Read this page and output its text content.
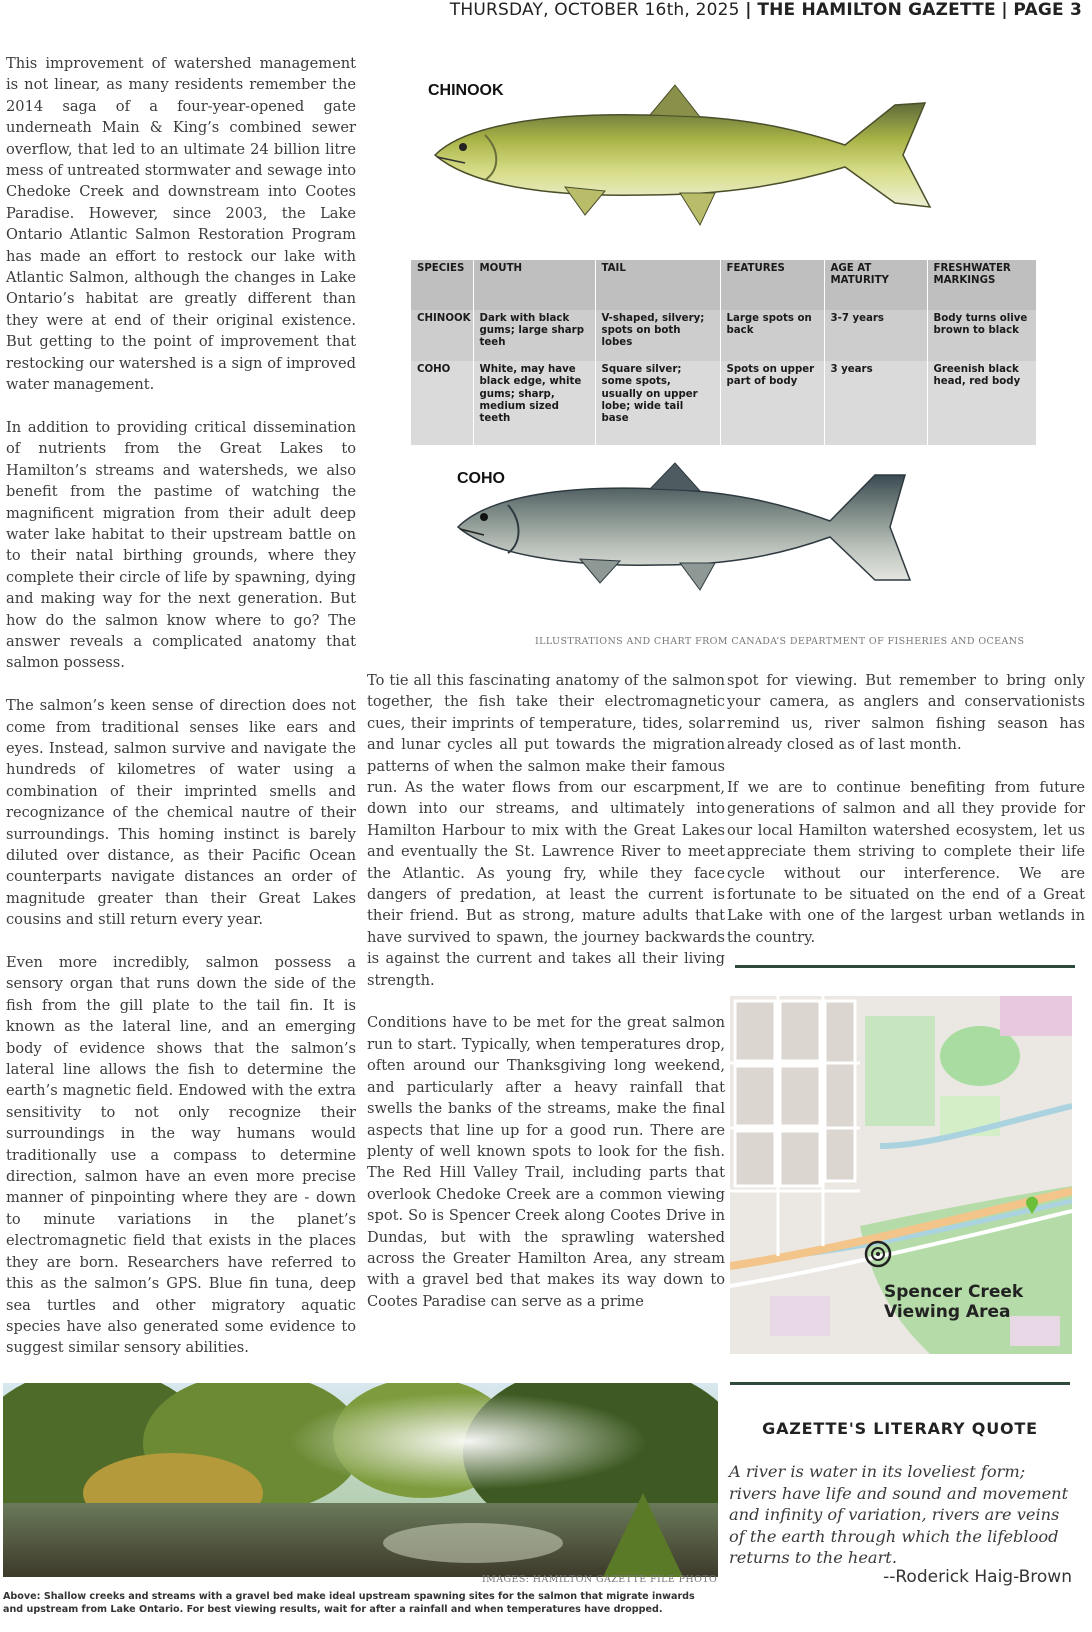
THURSDAY, OCTOBER 16th, 2025 | THE HAMILTON GAZETTE | PAGE 3

This improvement of watershed management is not linear, as many residents remember the 2014 saga of a four-year-opened gate underneath Main & King’s combined sewer overflow, that led to an ultimate 24 billion litre mess of untreated stormwater and sewage into Chedoke Creek and downstream into Cootes Paradise. However, since 2003, the Lake Ontario Atlantic Salmon Restoration Program has made an effort to restock our lake with Atlantic Salmon, although the changes in Lake Ontario’s habitat are greatly different than they were at end of their original existence. But getting to the point of improvement that restocking our watershed is a sign of improved water management.

In addition to providing critical dissemination of nutrients from the Great Lakes to Hamilton’s streams and watersheds, we also benefit from the pastime of watching the magnificent migration from their adult deep water lake habitat to their upstream battle on to their natal birthing grounds, where they complete their circle of life by spawning, dying and making way for the next generation. But how do the salmon know where to go? The answer reveals a complicated anatomy that salmon possess.

The salmon’s keen sense of direction does not come from traditional senses like ears and eyes. Instead, salmon survive and navigate the hundreds of kilometres of water using a combination of their imprinted smells and recognizance of the chemical nautre of their surroundings. This homing instinct is barely diluted over distance, as their Pacific Ocean counterparts navigate distances an order of magnitude greater than their Great Lakes cousins and still return every year.

Even more incredibly, salmon possess a sensory organ that runs down the side of the fish from the gill plate to the tail fin. It is known as the lateral line, and an emerging body of evidence shows that the salmon’s lateral line allows the fish to determine the earth’s magnetic field. Endowed with the extra sensitivity to not only recognize their surroundings in the way humans would traditionally use a compass to determine direction, salmon have an even more precise manner of pinpointing where they are - down to minute variations in the planet’s electromagnetic field that exists in the places they are born. Researchers have referred to this as the salmon’s GPS. Blue fin tuna, deep sea turtles and other migratory aquatic species have also generated some evidence to suggest similar sensory abilities.

CHINOOK
SPECIES	MOUTH	TAIL	FEATURES	AGE AT MATURITY	FRESHWATER MARKINGS
CHINOOK	Dark with black gums; large sharp teeh	V-shaped, silvery; spots on both lobes	Large spots on back	3-7 years	Body turns olive brown to black
COHO	White, may have black edge, white gums; sharp, medium sized teeth	Square silver; some spots, usually on upper lobe; wide tail base	Spots on upper part of body	3 years	Greenish black head, red body
COHO
ILLUSTRATIONS AND CHART FROM CANADA’S DEPARTMENT OF FISHERIES AND OCEANS

To tie all this fascinating anatomy of the salmon together, the fish take their electromagnetic cues, their imprints of temperature, tides, solar and lunar cycles all put towards the migration patterns of when the salmon make their famous run. As the water flows from our escarpment, down into our streams, and ultimately into Hamilton Harbour to mix with the Great Lakes and eventually the St. Lawrence River to meet the Atlantic. As young fry, while they face dangers of predation, at least the current is their friend. But as strong, mature adults that have survived to spawn, the journey backwards is against the current and takes all their living strength.

Conditions have to be met for the great salmon run to start. Typically, when temperatures drop, often around our Thanksgiving long weekend, and particularly after a heavy rainfall that swells the banks of the streams, make the final aspects that line up for a good run. There are plenty of well known spots to look for the fish. The Red Hill Valley Trail, including parts that overlook Chedoke Creek are a common viewing spot. So is Spencer Creek along Cootes Drive in Dundas, but with the sprawling watershed across the Greater Hamilton Area, any stream with a gravel bed that makes its way down to Cootes Paradise can serve as a prime

spot for viewing. But remember to bring only your camera, as anglers and conservationists remind us, river salmon fishing season has already closed as of last month.

If we are to continue benefiting from future generations of salmon and all they provide for our local Hamilton watershed ecosystem, let us appreciate them striving to complete their life cycle without our interference. We are fortunate to be situated on the end of a Great Lake with one of the largest urban wetlands in the country.

Spencer Creek
Viewing Area
IMAGES: HAMILTON GAZETTE FILE PHOTO
Above: Shallow creeks and streams with a gravel bed make ideal upstream spawning sites for the salmon that migrate inwards and upstream from Lake Ontario. For best viewing results, wait for after a rainfall and when temperatures have dropped.
GAZETTE'S LITERARY QUOTE
A river is water in its loveliest form; rivers have life and sound and movement and infinity of variation, rivers are veins of the earth through which the lifeblood returns to the heart.
--Roderick Haig-Brown
